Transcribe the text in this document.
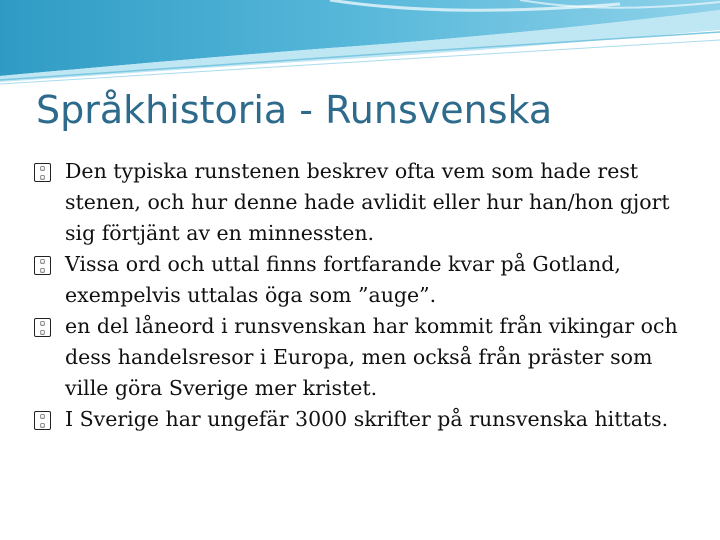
Språkhistoria - Runsvenska
▫
▫ Den typiska runstenen beskrev ofta vem som hade rest stenen, och hur denne hade avlidit eller hur han/hon gjort sig förtjänt av en minnessten.
▫
▫ Vissa ord och uttal finns fortfarande kvar på Gotland, exempelvis uttalas öga som ”auge”.
▫
▫ en del låneord i runsvenskan har kommit från vikingar och dess handelsresor i Europa, men också från präster som ville göra Sverige mer kristet.
▫
▫ I Sverige har ungefär 3000 skrifter på runsvenska hittats.
